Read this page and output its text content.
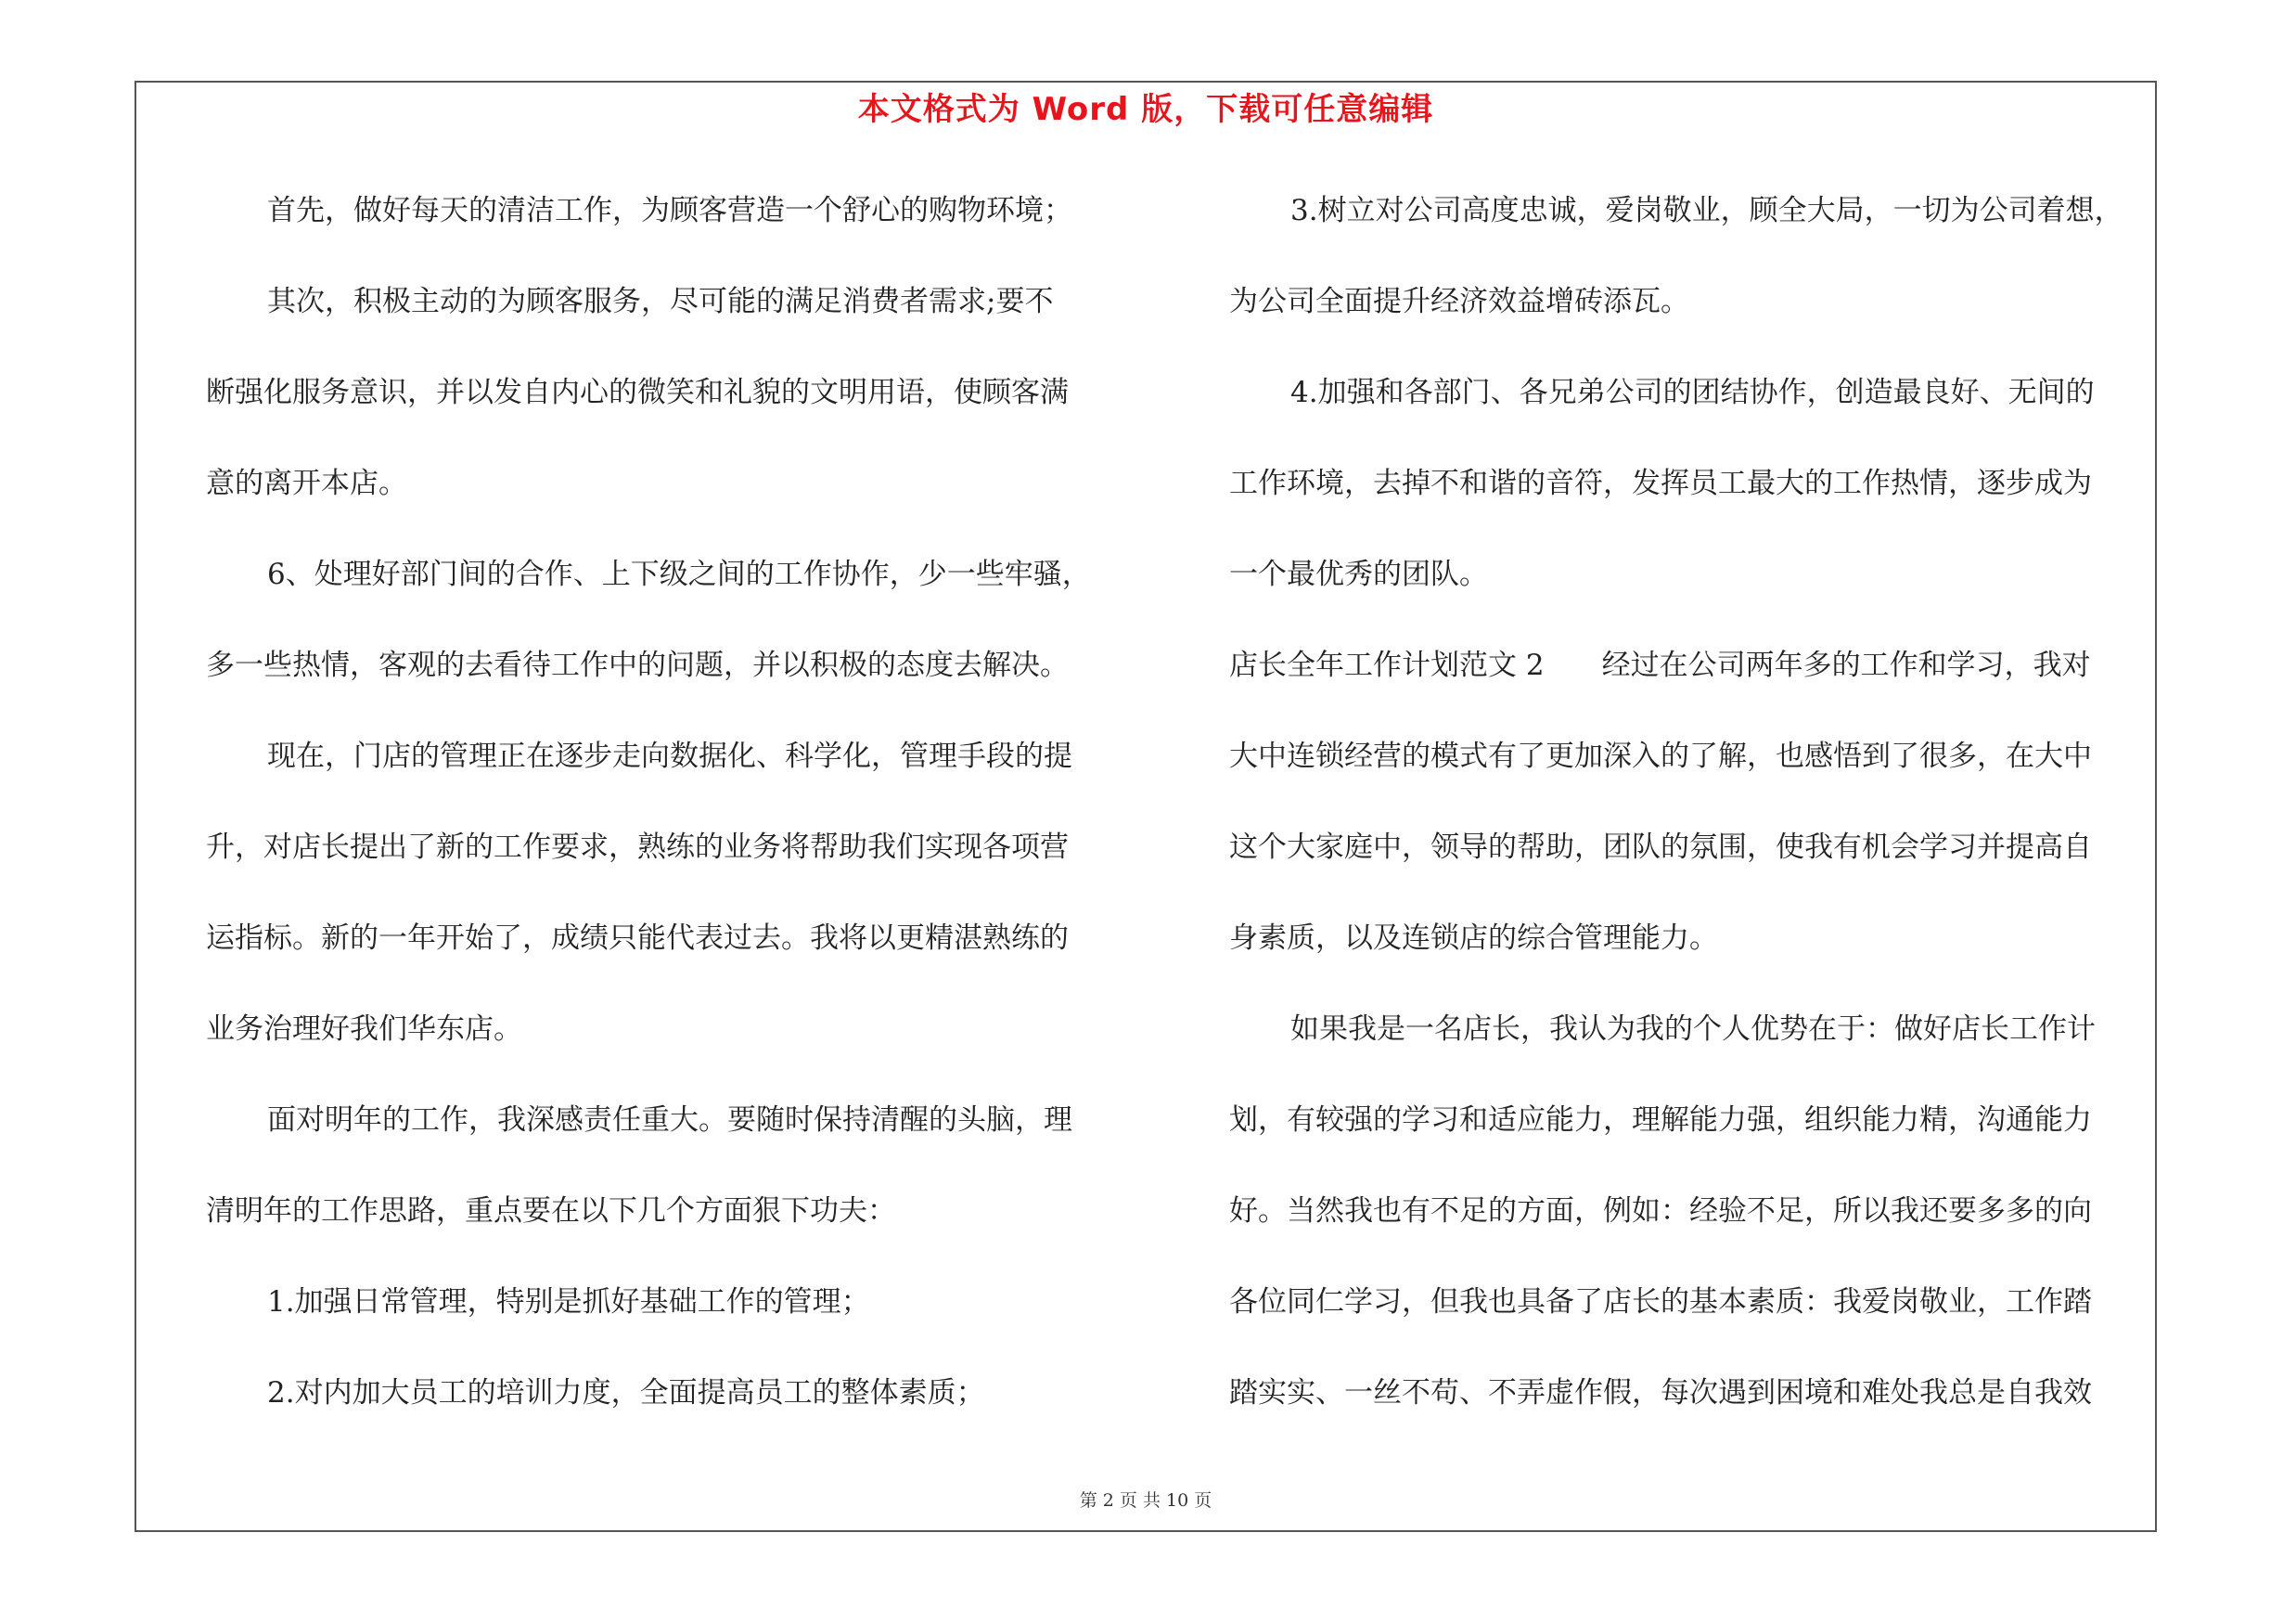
本文格式为 Word 版，下载可任意编辑
首先，做好每天的清洁工作，为顾客营造一个舒心的购物环境；
其次，积极主动的为顾客服务，尽可能的满足消费者需求;要不
断强化服务意识，并以发自内心的微笑和礼貌的文明用语，使顾客满
意的离开本店。
6、处理好部门间的合作、上下级之间的工作协作，少一些牢骚，
多一些热情，客观的去看待工作中的问题，并以积极的态度去解决。
现在，门店的管理正在逐步走向数据化、科学化，管理手段的提
升，对店长提出了新的工作要求，熟练的业务将帮助我们实现各项营
运指标。新的一年开始了，成绩只能代表过去。我将以更精湛熟练的
业务治理好我们华东店。
面对明年的工作，我深感责任重大。要随时保持清醒的头脑，理
清明年的工作思路，重点要在以下几个方面狠下功夫：
1.加强日常管理，特别是抓好基础工作的管理；
2.对内加大员工的培训力度，全面提高员工的整体素质；
3.树立对公司高度忠诚，爱岗敬业，顾全大局，一切为公司着想，
为公司全面提升经济效益增砖添瓦。
4.加强和各部门、各兄弟公司的团结协作，创造最良好、无间的
工作环境，去掉不和谐的音符，发挥员工最大的工作热情，逐步成为
一个最优秀的团队。
店长全年工作计划范文 2　　经过在公司两年多的工作和学习，我对
大中连锁经营的模式有了更加深入的了解，也感悟到了很多，在大中
这个大家庭中，领导的帮助，团队的氛围，使我有机会学习并提高自
身素质，以及连锁店的综合管理能力。
如果我是一名店长，我认为我的个人优势在于：做好店长工作计
划，有较强的学习和适应能力，理解能力强，组织能力精，沟通能力
好。当然我也有不足的方面，例如：经验不足，所以我还要多多的向
各位同仁学习，但我也具备了店长的基本素质：我爱岗敬业，工作踏
踏实实、一丝不苟、不弄虚作假，每次遇到困境和难处我总是自我效
第 2 页 共 10 页
